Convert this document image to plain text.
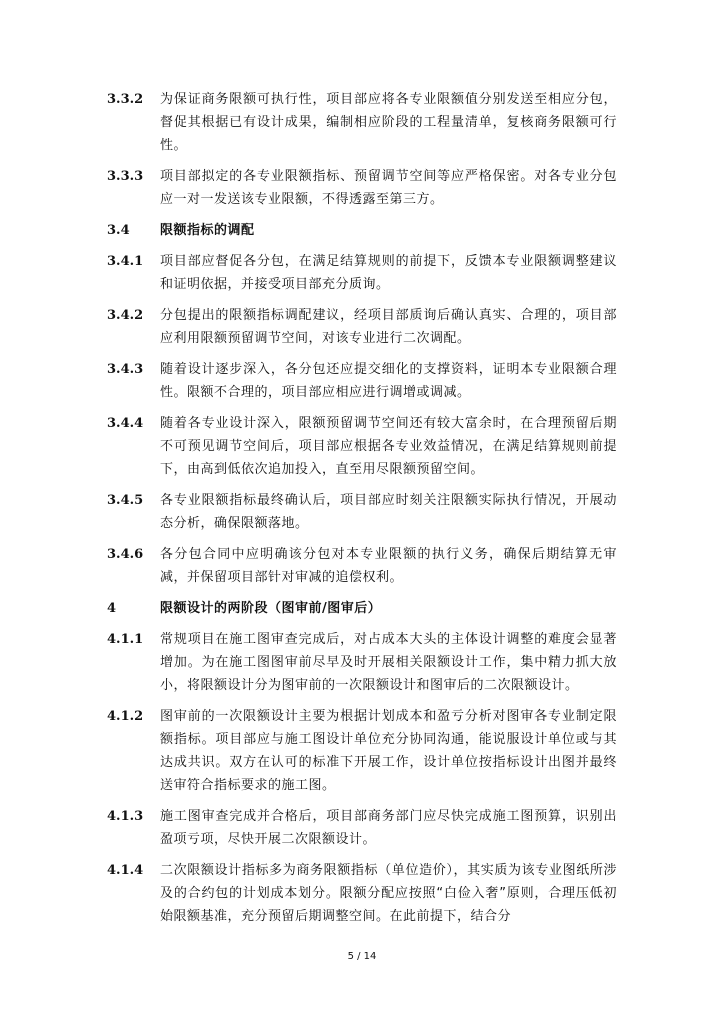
3.3.2	为保证商务限额可执行性，项目部应将各专业限额值分别发送至相应分包，督促其根据已有设计成果，编制相应阶段的工程量清单，复核商务限额可行性。
3.3.3	项目部拟定的各专业限额指标、预留调节空间等应严格保密。对各专业分包应一对一发送该专业限额，不得透露至第三方。
3.4	限额指标的调配
3.4.1	项目部应督促各分包，在满足结算规则的前提下，反馈本专业限额调整建议和证明依据，并接受项目部充分质询。
3.4.2	分包提出的限额指标调配建议，经项目部质询后确认真实、合理的，项目部应利用限额预留调节空间，对该专业进行二次调配。
3.4.3	随着设计逐步深入，各分包还应提交细化的支撑资料，证明本专业限额合理性。限额不合理的，项目部应相应进行调增或调减。
3.4.4	随着各专业设计深入，限额预留调节空间还有较大富余时，在合理预留后期不可预见调节空间后，项目部应根据各专业效益情况，在满足结算规则前提下，由高到低依次追加投入，直至用尽限额预留空间。
3.4.5	各专业限额指标最终确认后，项目部应时刻关注限额实际执行情况，开展动态分析，确保限额落地。
3.4.6	各分包合同中应明确该分包对本专业限额的执行义务，确保后期结算无审减，并保留项目部针对审减的追偿权利。
4	限额设计的两阶段（图审前/图审后）
4.1.1	常规项目在施工图审查完成后，对占成本大头的主体设计调整的难度会显著增加。为在施工图图审前尽早及时开展相关限额设计工作，集中精力抓大放小，将限额设计分为图审前的一次限额设计和图审后的二次限额设计。
4.1.2	图审前的一次限额设计主要为根据计划成本和盈亏分析对图审各专业制定限额指标。项目部应与施工图设计单位充分协同沟通，能说服设计单位或与其达成共识。双方在认可的标准下开展工作，设计单位按指标设计出图并最终送审符合指标要求的施工图。
4.1.3	施工图审查完成并合格后，项目部商务部门应尽快完成施工图预算，识别出盈项亏项，尽快开展二次限额设计。
4.1.4	二次限额设计指标多为商务限额指标（单位造价），其实质为该专业图纸所涉及的合约包的计划成本划分。限额分配应按照“白俭入奢”原则，合理压低初始限额基准，充分预留后期调整空间。在此前提下，结合分
5 / 14
